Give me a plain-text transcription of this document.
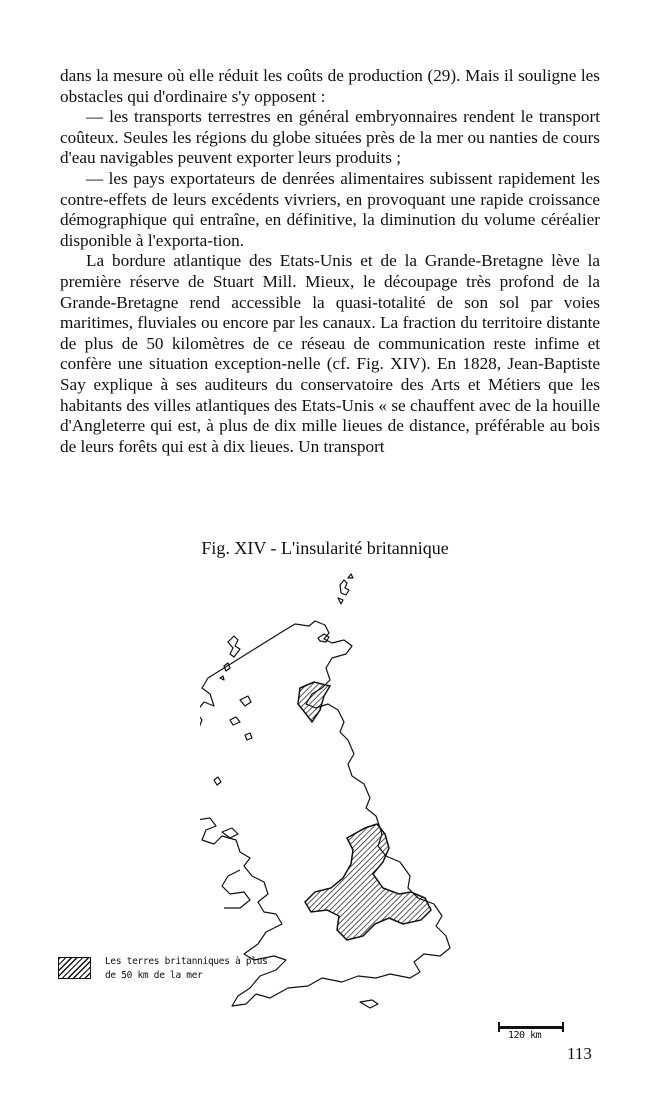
dans la mesure où elle réduit les coûts de production (29). Mais il souligne les obstacles qui d'ordinaire s'y opposent :

— les transports terrestres en général embryonnaires rendent le transport coûteux. Seules les régions du globe situées près de la mer ou nanties de cours d'eau navigables peuvent exporter leurs produits ;

— les pays exportateurs de denrées alimentaires subissent rapidement les contre-effets de leurs excédents vivriers, en provoquant une rapide croissance démographique qui entraîne, en définitive, la diminution du volume céréalier disponible à l'exporta-tion.

La bordure atlantique des Etats-Unis et de la Grande-Bretagne lève la première réserve de Stuart Mill. Mieux, le découpage très profond de la Grande-Bretagne rend accessible la quasi-totalité de son sol par voies maritimes, fluviales ou encore par les canaux. La fraction du territoire distante de plus de 50 kilomètres de ce réseau de communication reste infime et confère une situation exception-nelle (cf. Fig. XIV). En 1828, Jean-Baptiste Say explique à ses auditeurs du conservatoire des Arts et Métiers que les habitants des villes atlantiques des Etats-Unis « se chauffent avec de la houille d'Angleterre qui est, à plus de dix mille lieues de distance, préférable au bois de leurs forêts qui est à dix lieues. Un transport

Fig. XIV - L'insularité britannique
Les terres britanniques à plus de 50 km de la mer
120 km
113
